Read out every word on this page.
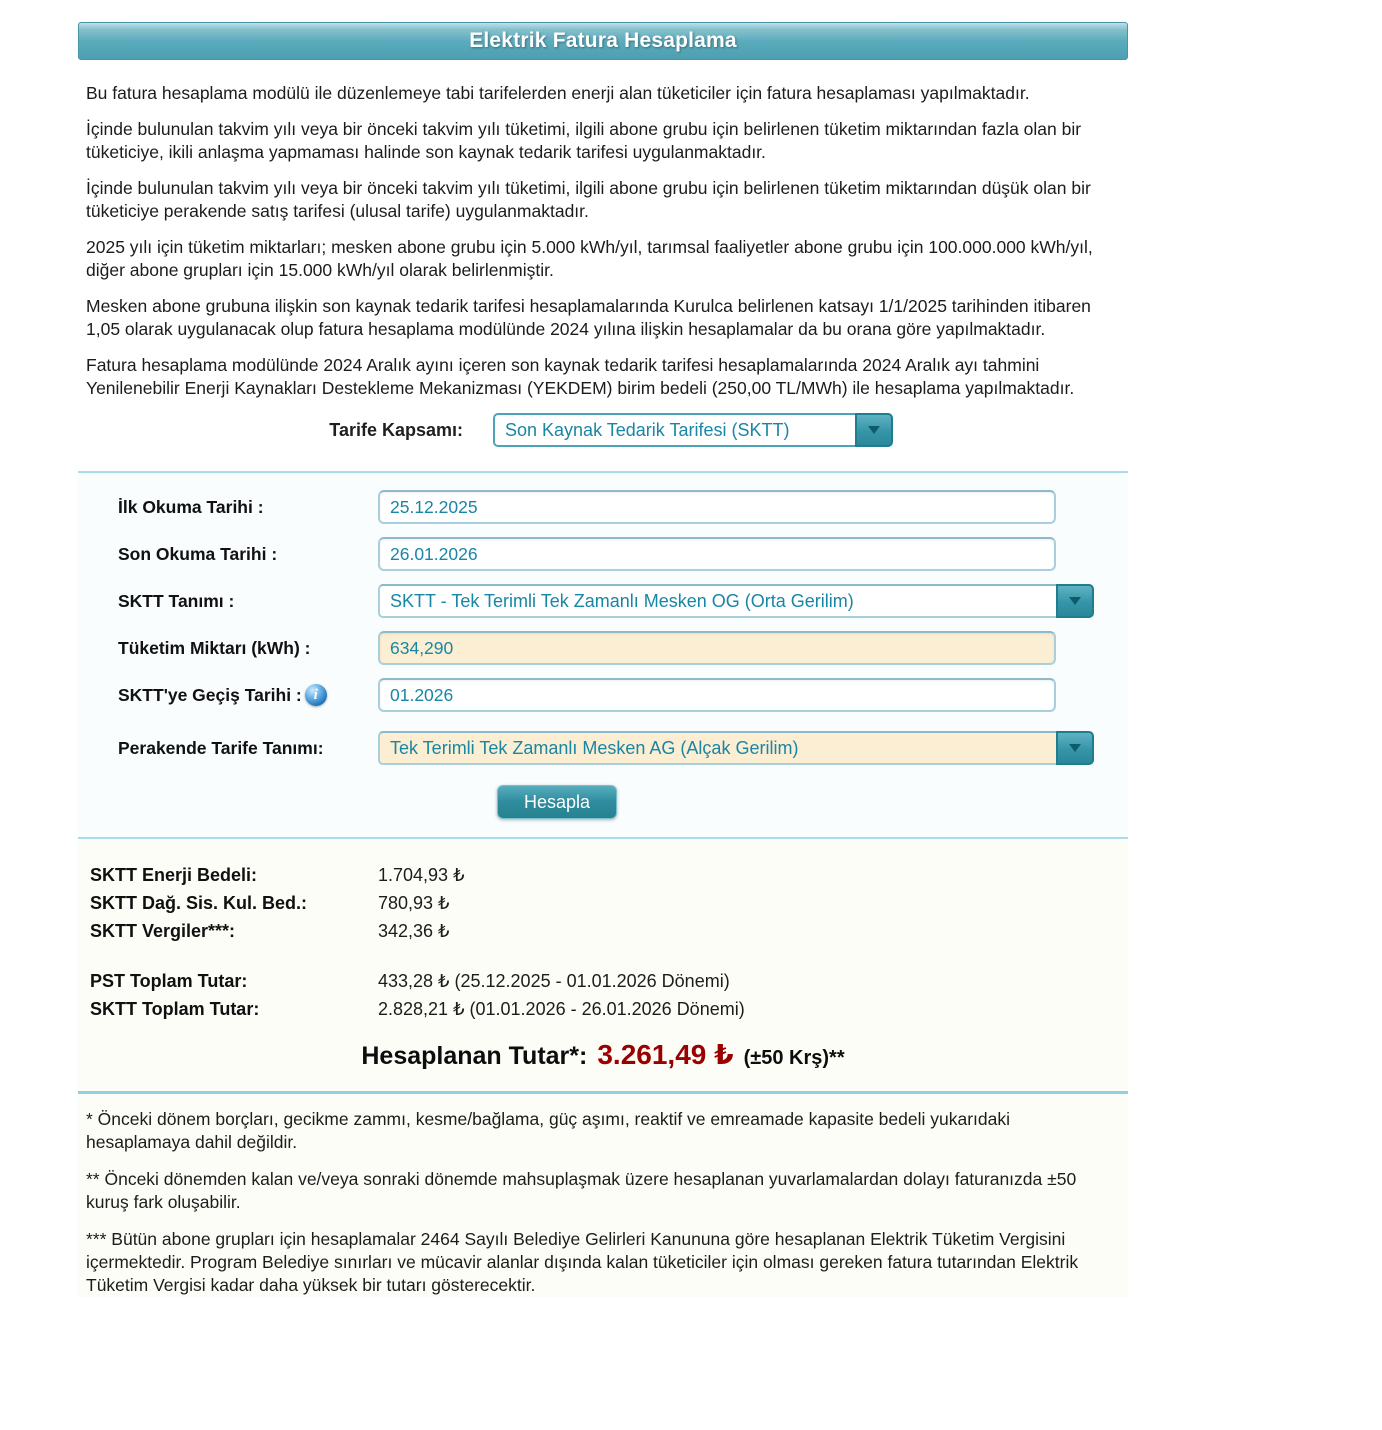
Elektrik Fatura Hesaplama

Bu fatura hesaplama modülü ile düzenlemeye tabi tarifelerden enerji alan tüketiciler için fatura hesaplaması yapılmaktadır.

İçinde bulunulan takvim yılı veya bir önceki takvim yılı tüketimi, ilgili abone grubu için belirlenen tüketim miktarından fazla olan bir tüketiciye, ikili anlaşma yapmaması halinde son kaynak tedarik tarifesi uygulanmaktadır.

İçinde bulunulan takvim yılı veya bir önceki takvim yılı tüketimi, ilgili abone grubu için belirlenen tüketim miktarından düşük olan bir tüketiciye perakende satış tarifesi (ulusal tarife) uygulanmaktadır.

2025 yılı için tüketim miktarları; mesken abone grubu için 5.000 kWh/yıl, tarımsal faaliyetler abone grubu için 100.000.000 kWh/yıl, diğer abone grupları için 15.000 kWh/yıl olarak belirlenmiştir.

Mesken abone grubuna ilişkin son kaynak tedarik tarifesi hesaplamalarında Kurulca belirlenen katsayı 1/1/2025 tarihinden itibaren 1,05 olarak uygulanacak olup fatura hesaplama modülünde 2024 yılına ilişkin hesaplamalar da bu orana göre yapılmaktadır.

Fatura hesaplama modülünde 2024 Aralık ayını içeren son kaynak tedarik tarifesi hesaplamalarında 2024 Aralık ayı tahmini Yenilenebilir Enerji Kaynakları Destekleme Mekanizması (YEKDEM) birim bedeli (250,00 TL/MWh) ile hesaplama yapılmaktadır.

Tarife Kapsamı:	Son Kaynak Tedarik Tarifesi (SKTT)
İlk Okuma Tarihi :
25.12.2025
Son Okuma Tarihi :
26.01.2026
SKTT Tanımı :	SKTT - Tek Terimli Tek Zamanlı Mesken OG (Orta Gerilim)
Tüketim Miktarı (kWh) :
634,290
SKTT'ye Geçiş Tarihi : i
01.2026
Perakende Tarife Tanımı:	Tek Terimli Tek Zamanlı Mesken AG (Alçak Gerilim)
Hesapla
SKTT Enerji Bedeli:	1.704,93 ₺
SKTT Dağ. Sis. Kul. Bed.:	780,93 ₺
SKTT Vergiler***:	342,36 ₺
PST Toplam Tutar:	433,28 ₺ (25.12.2025 - 01.01.2026 Dönemi)
SKTT Toplam Tutar:	2.828,21 ₺ (01.01.2026 - 26.01.2026 Dönemi)
Hesaplanan Tutar*: 3.261,49 ₺ (±50 Krş)**

* Önceki dönem borçları, gecikme zammı, kesme/bağlama, güç aşımı, reaktif ve emreamade kapasite bedeli yukarıdaki hesaplamaya dahil değildir.

** Önceki dönemden kalan ve/veya sonraki dönemde mahsuplaşmak üzere hesaplanan yuvarlamalardan dolayı faturanızda ±50 kuruş fark oluşabilir.

*** Bütün abone grupları için hesaplamalar 2464 Sayılı Belediye Gelirleri Kanununa göre hesaplanan Elektrik Tüketim Vergisini içermektedir. Program Belediye sınırları ve mücavir alanlar dışında kalan tüketiciler için olması gereken fatura tutarından Elektrik Tüketim Vergisi kadar daha yüksek bir tutarı gösterecektir.
